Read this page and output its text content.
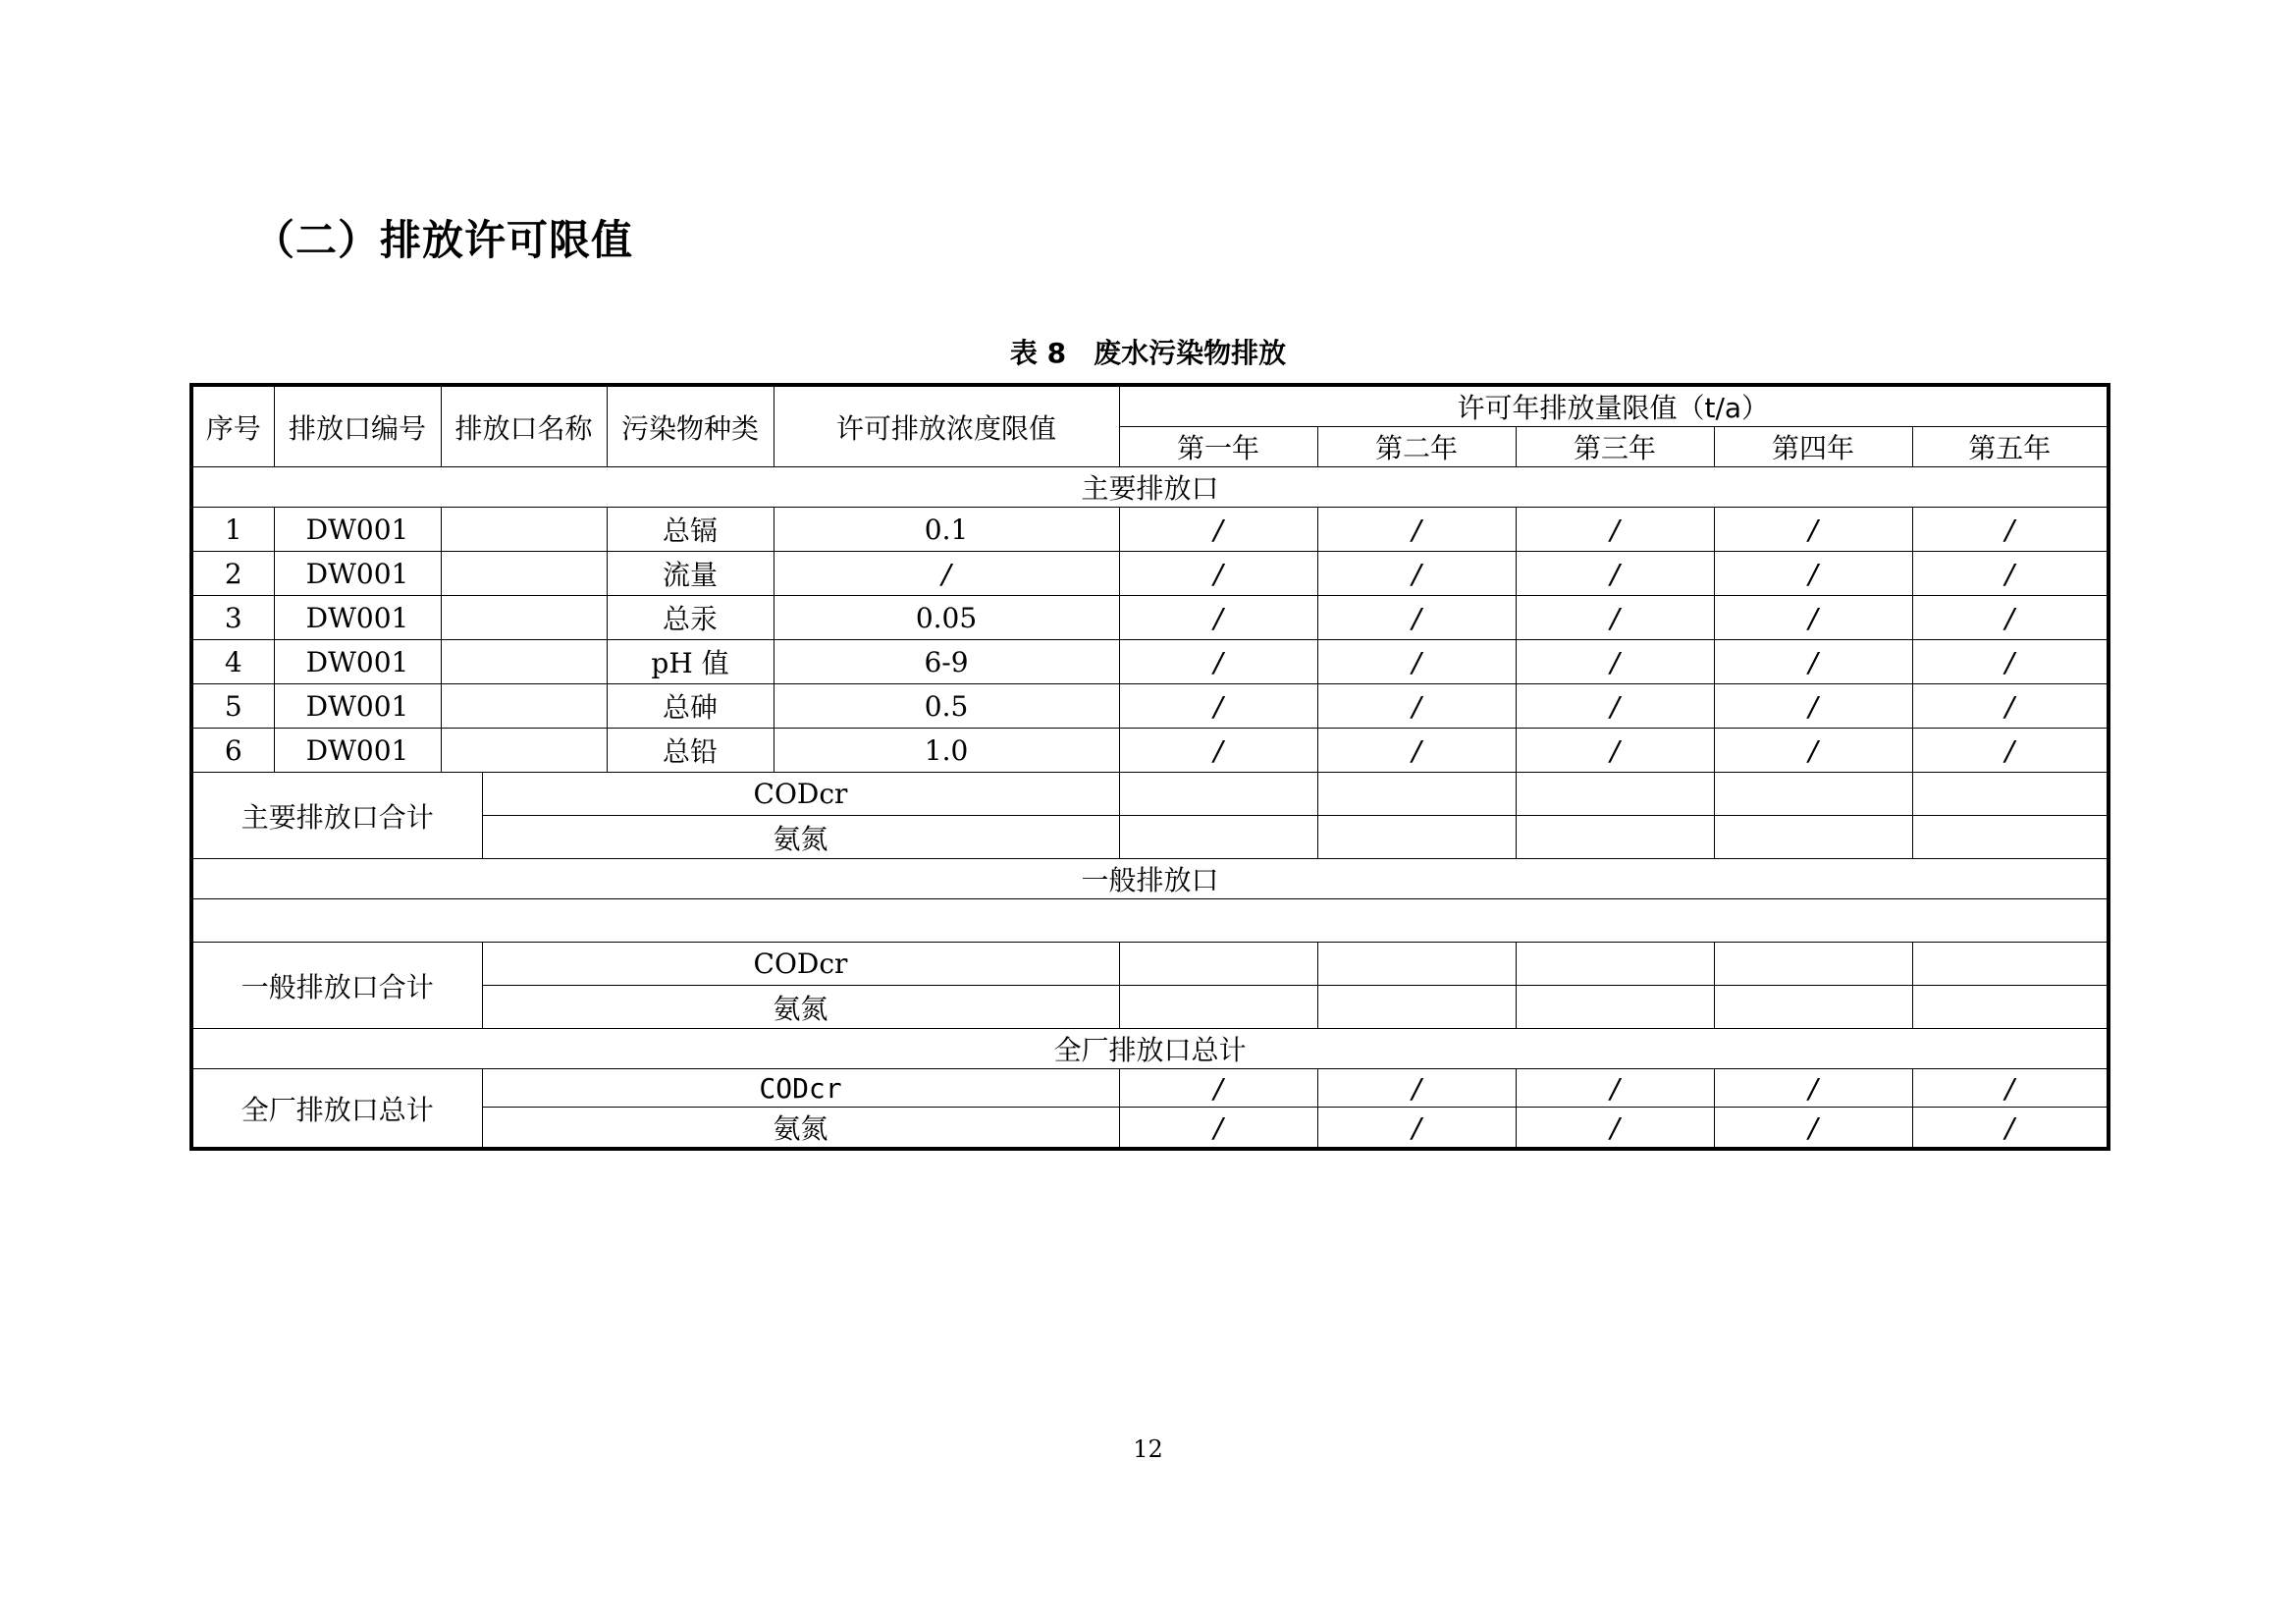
（二）排放许可限值
表 8 废水污染物排放
序号	排放口编号	排放口名称		污染物种类	许可排放浓度限值	许可年排放量限值（t/a）				
						第一年	第二年	第三年	第四年	第五年
主要排放口										
1	DW001			总镉	0.1	/	/	/	/	/
2	DW001			流量	/	/	/	/	/	/
3	DW001			总汞	0.05	/	/	/	/	/
4	DW001			pH 值	6-9	/	/	/	/	/
5	DW001			总砷	0.5	/	/	/	/	/
6	DW001			总铅	1.0	/	/	/	/	/
主要排放口合计			CODcr							
			氨氮							
一般排放口										

一般排放口合计			CODcr							
			氨氮							
全厂排放口总计										
全厂排放口总计			CODcr			/	/	/	/	/
			氨氮			/	/	/	/	/
12
